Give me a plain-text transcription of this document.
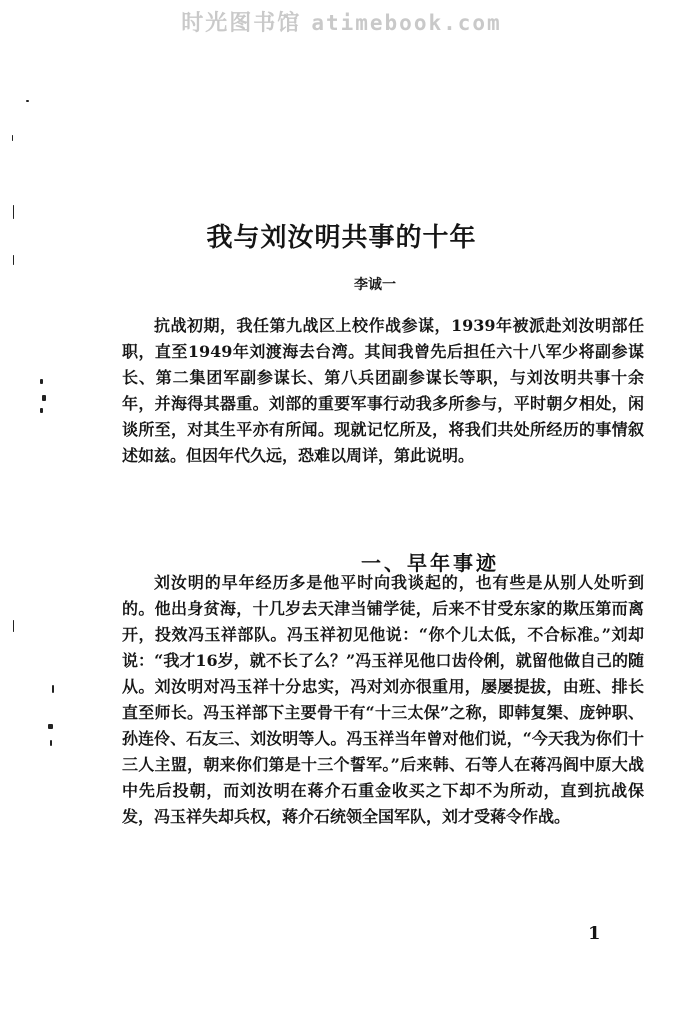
时光图书馆 atimebook.com
我与刘汝明共事的十年
李诚一

抗战初期，我任第九战区上校作战参谋，1939年被派赴刘汝明部任职，直至1949年刘渡海去台湾。其间我曾先后担任六十八军少将副参谋长、第二集团军副参谋长、第八兵团副参谋长等职，与刘汝明共事十余年，并海得其器重。刘部的重要军事行动我多所参与，平时朝夕相处，闲谈所至，对其生平亦有所闻。现就记忆所及，将我们共处所经历的事情叙述如兹。但因年代久远，恐难以周详，第此说明。

一、早年事迹

刘汝明的早年经历多是他平时向我谈起的，也有些是从别人处听到的。他出身贫海，十几岁去天津当铺学徒，后来不甘受东家的欺压第而离开，投效冯玉祥部队。冯玉祥初见他说：“你个儿太低，不合标准。”刘却说：“我才16岁，就不长了么？”冯玉祥见他口齿伶俐，就留他做自己的随从。刘汝明对冯玉祥十分忠实，冯对刘亦很重用，屡屡提拔，由班、排长直至师长。冯玉祥部下主要骨干有“十三太保”之称，即韩复榘、庞钟职、孙连伶、石友三、刘汝明等人。冯玉祥当年曾对他们说，“今天我为你们十三人主盟，朝来你们第是十三个誓军。”后来韩、石等人在蒋冯阎中原大战中先后投朝，而刘汝明在蒋介石重金收买之下却不为所动，直到抗战保发，冯玉祥失却兵权，蒋介石统领全国军队，刘才受蒋令作战。

1
